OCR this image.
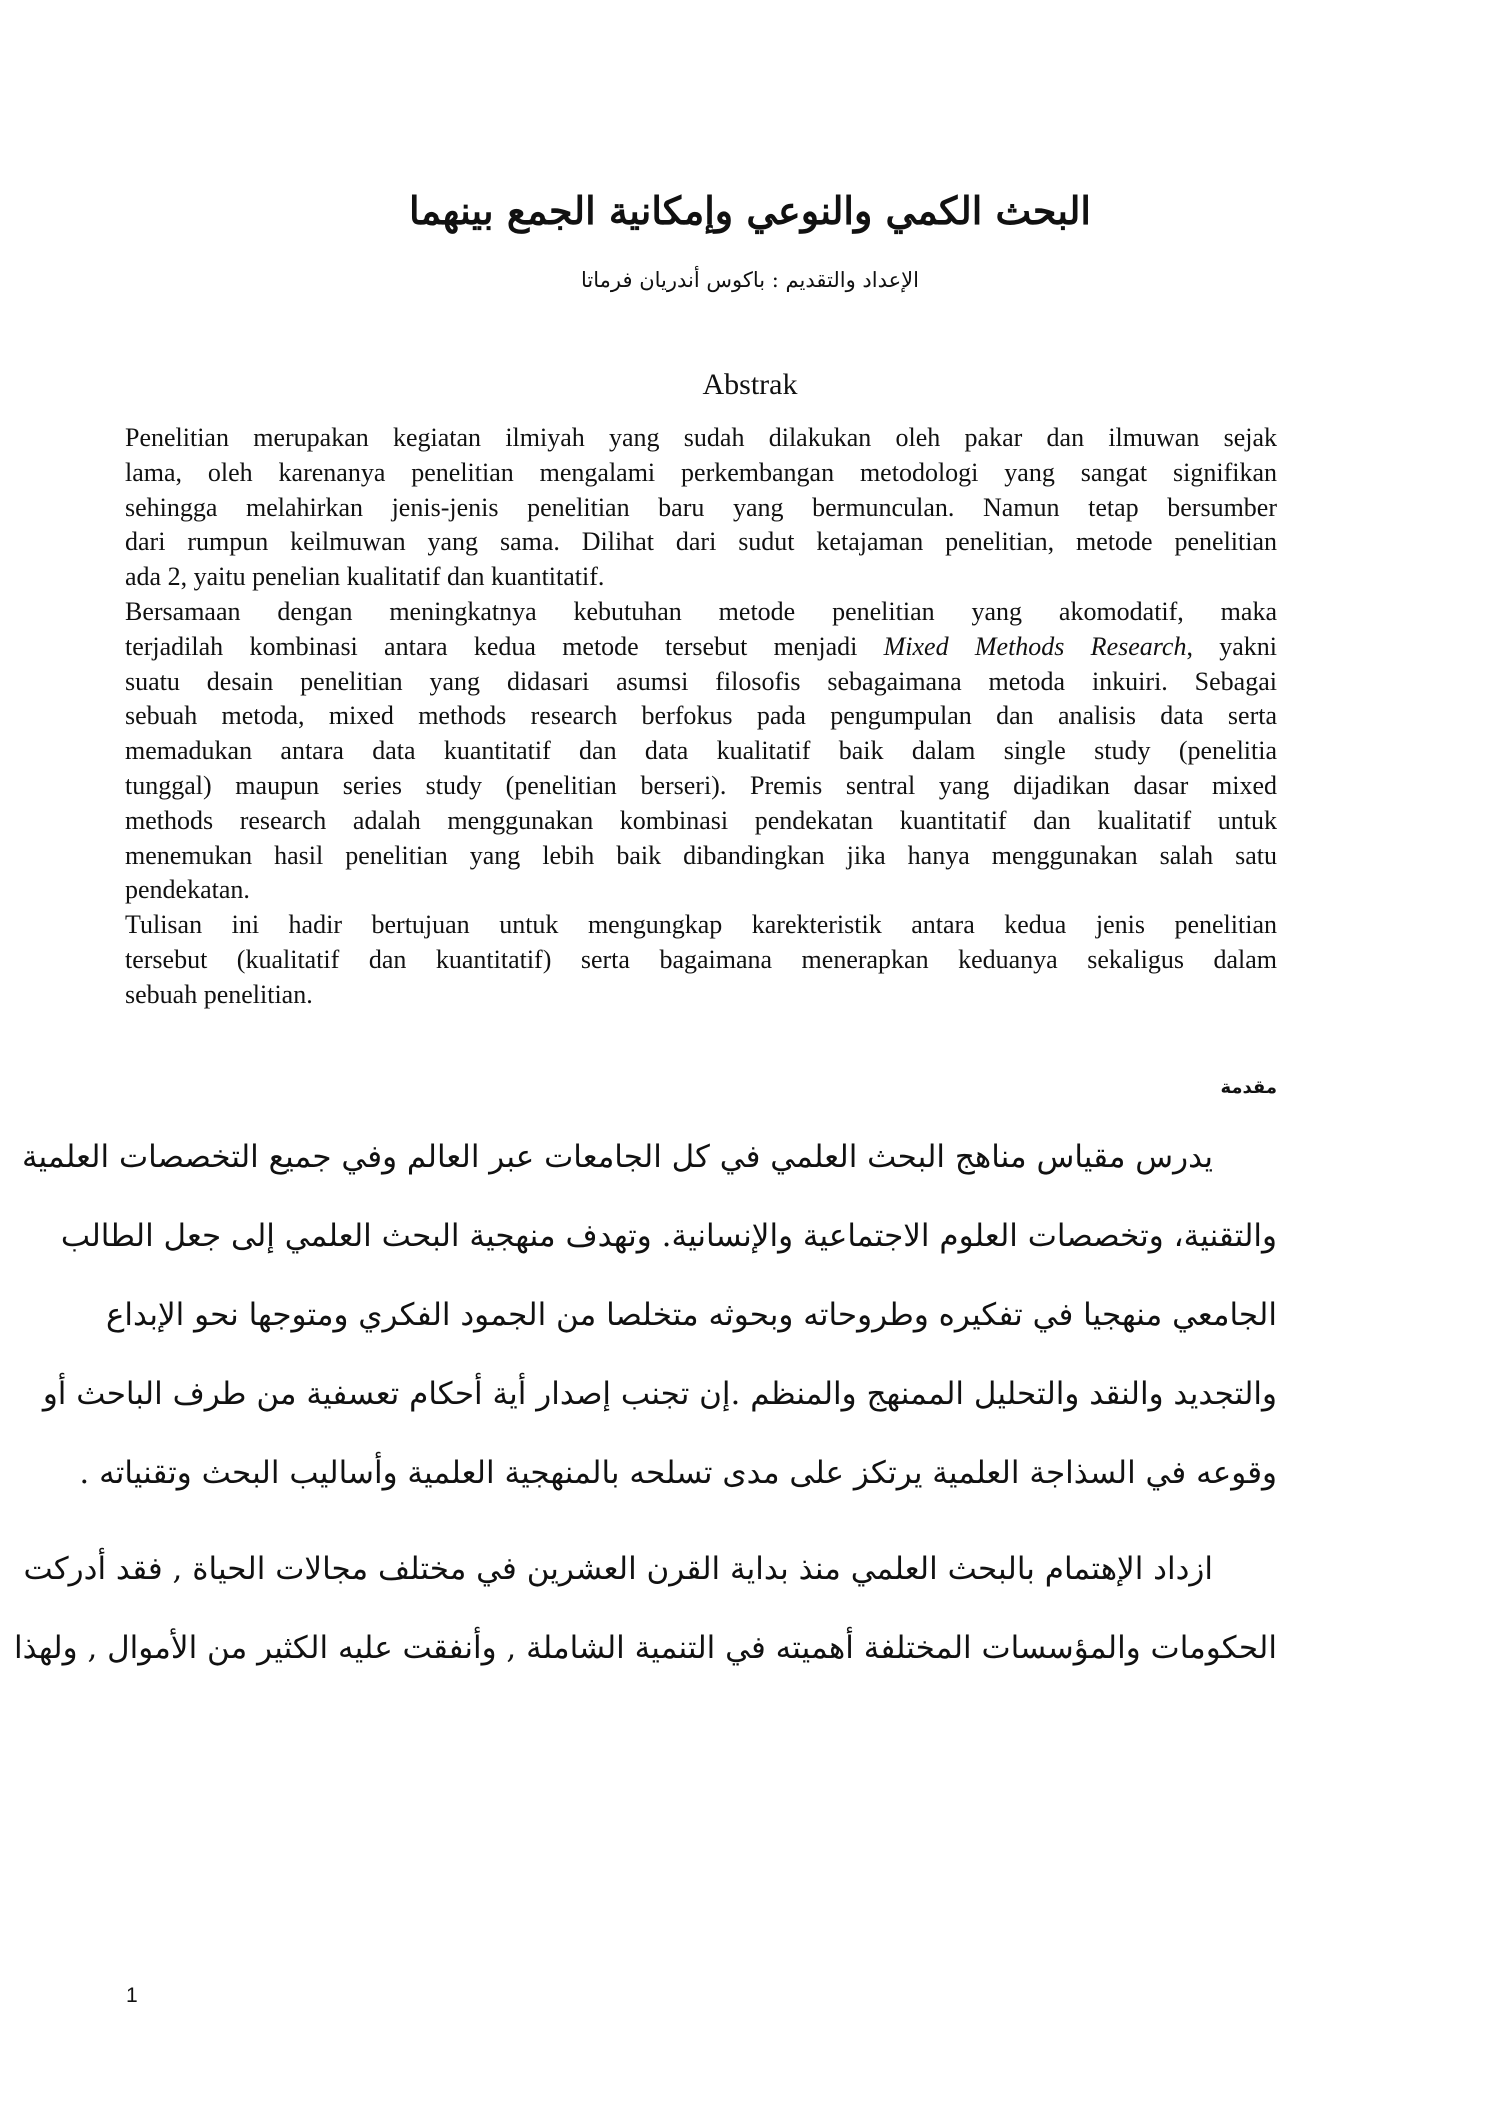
البحث الكمي والنوعي وإمكانية الجمع بينهما
الإعداد والتقديم : باكوس أندريان فرماتا
Abstrak
Penelitian merupakan kegiatan ilmiyah yang sudah dilakukan oleh pakar dan ilmuwan sejak
lama, oleh karenanya penelitian mengalami perkembangan metodologi yang sangat signifikan
sehingga melahirkan jenis-jenis penelitian baru yang bermunculan. Namun tetap bersumber
dari rumpun keilmuwan yang sama. Dilihat dari sudut ketajaman penelitian, metode penelitian
ada 2, yaitu penelian kualitatif dan kuantitatif.
Bersamaan dengan meningkatnya kebutuhan metode penelitian yang akomodatif, maka
terjadilah kombinasi antara kedua metode tersebut menjadi Mixed Methods Research, yakni
suatu desain penelitian yang didasari asumsi filosofis sebagaimana metoda inkuiri. Sebagai
sebuah metoda, mixed methods research berfokus pada pengumpulan dan analisis data serta
memadukan antara data kuantitatif dan data kualitatif baik dalam single study (penelitia
tunggal) maupun series study (penelitian berseri). Premis sentral yang dijadikan dasar mixed
methods research adalah menggunakan kombinasi pendekatan kuantitatif dan kualitatif untuk
menemukan hasil penelitian yang lebih baik dibandingkan jika hanya menggunakan salah satu
pendekatan.
Tulisan ini hadir bertujuan untuk mengungkap karekteristik antara kedua jenis penelitian
tersebut (kualitatif dan kuantitatif) serta bagaimana menerapkan keduanya sekaligus dalam
sebuah penelitian.
مقدمة
يدرس مقياس مناهج البحث العلمي في كل الجامعات عبر العالم وفي جميع التخصصات العلمية
والتقنية، وتخصصات العلوم الاجتماعية والإنسانية. وتهدف منهجية البحث العلمي إلى جعل الطالب
الجامعي منهجيا في تفكيره وطروحاته وبحوثه متخلصا من الجمود الفكري ومتوجها نحو الإبداع
والتجديد والنقد والتحليل الممنهج والمنظم .إن تجنب إصدار أية أحكام تعسفية من طرف الباحث أو
وقوعه في السذاجة العلمية يرتكز على مدى تسلحه بالمنهجية العلمية وأساليب البحث وتقنياته .
ازداد الإهتمام بالبحث العلمي منذ بداية القرن العشرين في مختلف مجالات الحياة , فقد أدركت
الحكومات والمؤسسات المختلفة أهميته في التنمية الشاملة , وأنفقت عليه الكثير من الأموال , ولهذا
1
